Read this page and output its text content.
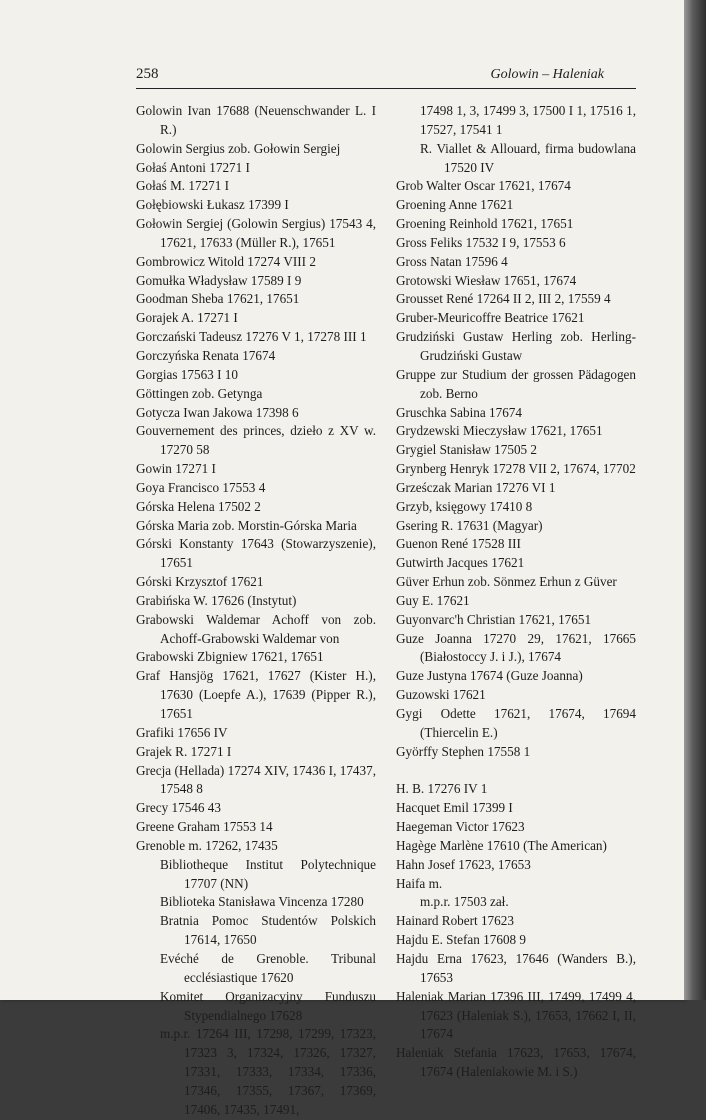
258	Golowin – Haleniak
Golowin Ivan 17688 (Neuenschwander L. I R.)
Golowin Sergius zob. Gołowin Sergiej
Gołaś Antoni 17271 I
Gołaś M. 17271 I
Gołębiowski Łukasz 17399 I
Gołowin Sergiej (Golowin Sergius) 17543 4, 17621, 17633 (Müller R.), 17651
Gombrowicz Witold 17274 VIII 2
Gomułka Władysław 17589 I 9
Goodman Sheba 17621, 17651
Gorajek A. 17271 I
Gorczański Tadeusz 17276 V 1, 17278 III 1
Gorczyńska Renata 17674
Gorgias 17563 I 10
Göttingen zob. Getynga
Gotycza Iwan Jakowa 17398 6
Gouvernement des princes, dzieło z XV w. 17270 58
Gowin 17271 I
Goya Francisco 17553 4
Górska Helena 17502 2
Górska Maria zob. Morstin-Górska Maria
Górski Konstanty 17643 (Stowarzyszenie), 17651
Górski Krzysztof 17621
Grabińska W. 17626 (Instytut)
Grabowski Waldemar Achoff von zob. Achoff-Grabowski Waldemar von
Grabowski Zbigniew 17621, 17651
Graf Hansjög 17621, 17627 (Kister H.), 17630 (Loepfe A.), 17639 (Pipper R.), 17651
Grafiki 17656 IV
Grajek R. 17271 I
Grecja (Hellada) 17274 XIV, 17436 I, 17437, 17548 8
Grecy 17546 43
Greene Graham 17553 14
Grenoble m. 17262, 17435
Bibliotheque Institut Polytechnique 17707 (NN)
Biblioteka Stanisława Vincenza 17280
Bratnia Pomoc Studentów Polskich 17614, 17650
Evéché de Grenoble. Tribunal ecclésiastique 17620
Komitet Organizacyjny Funduszu Stypendialnego 17628
m.p.r. 17264 III, 17298, 17299, 17323, 17323 3, 17324, 17326, 17327, 17331, 17333, 17334, 17336, 17346, 17355, 17367, 17369, 17406, 17435, 17491,
17498 1, 3, 17499 3, 17500 I 1, 17516 1, 17527, 17541 1
R. Viallet & Allouard, firma budowlana 17520 IV
Grob Walter Oscar 17621, 17674
Groening Anne 17621
Groening Reinhold 17621, 17651
Gross Feliks 17532 I 9, 17553 6
Gross Natan 17596 4
Grotowski Wiesław 17651, 17674
Grousset René 17264 II 2, III 2, 17559 4
Gruber-Meuricoffre Beatrice 17621
Grudziński Gustaw Herling zob. Herling-Grudziński Gustaw
Gruppe zur Studium der grossen Pädagogen zob. Berno
Gruschka Sabina 17674
Grydzewski Mieczysław 17621, 17651
Grygiel Stanisław 17505 2
Grynberg Henryk 17278 VII 2, 17674, 17702
Grześczak Marian 17276 VI 1
Grzyb, księgowy 17410 8
Gsering R. 17631 (Magyar)
Guenon René 17528 III
Gutwirth Jacques 17621
Güver Erhun zob. Sönmez Erhun z Güver
Guy E. 17621
Guyonvarc'h Christian 17621, 17651
Guze Joanna 17270 29, 17621, 17665 (Białostoccy J. i J.), 17674
Guze Justyna 17674 (Guze Joanna)
Guzowski 17621
Gygi Odette 17621, 17674, 17694 (Thiercelin E.)
Györffy Stephen 17558 1
H. B. 17276 IV 1
Hacquet Emil 17399 I
Haegeman Victor 17623
Hagège Marlène 17610 (The American)
Hahn Josef 17623, 17653
Haifa m.
m.p.r. 17503 zał.
Hainard Robert 17623
Hajdu E. Stefan 17608 9
Hajdu Erna 17623, 17646 (Wanders B.), 17653
Haleniak Marian 17396 III, 17499, 17499 4, 17623 (Haleniak S.), 17653, 17662 I, II, 17674
Haleniak Stefania 17623, 17653, 17674, 17674 (Haleniakowie M. i S.)
